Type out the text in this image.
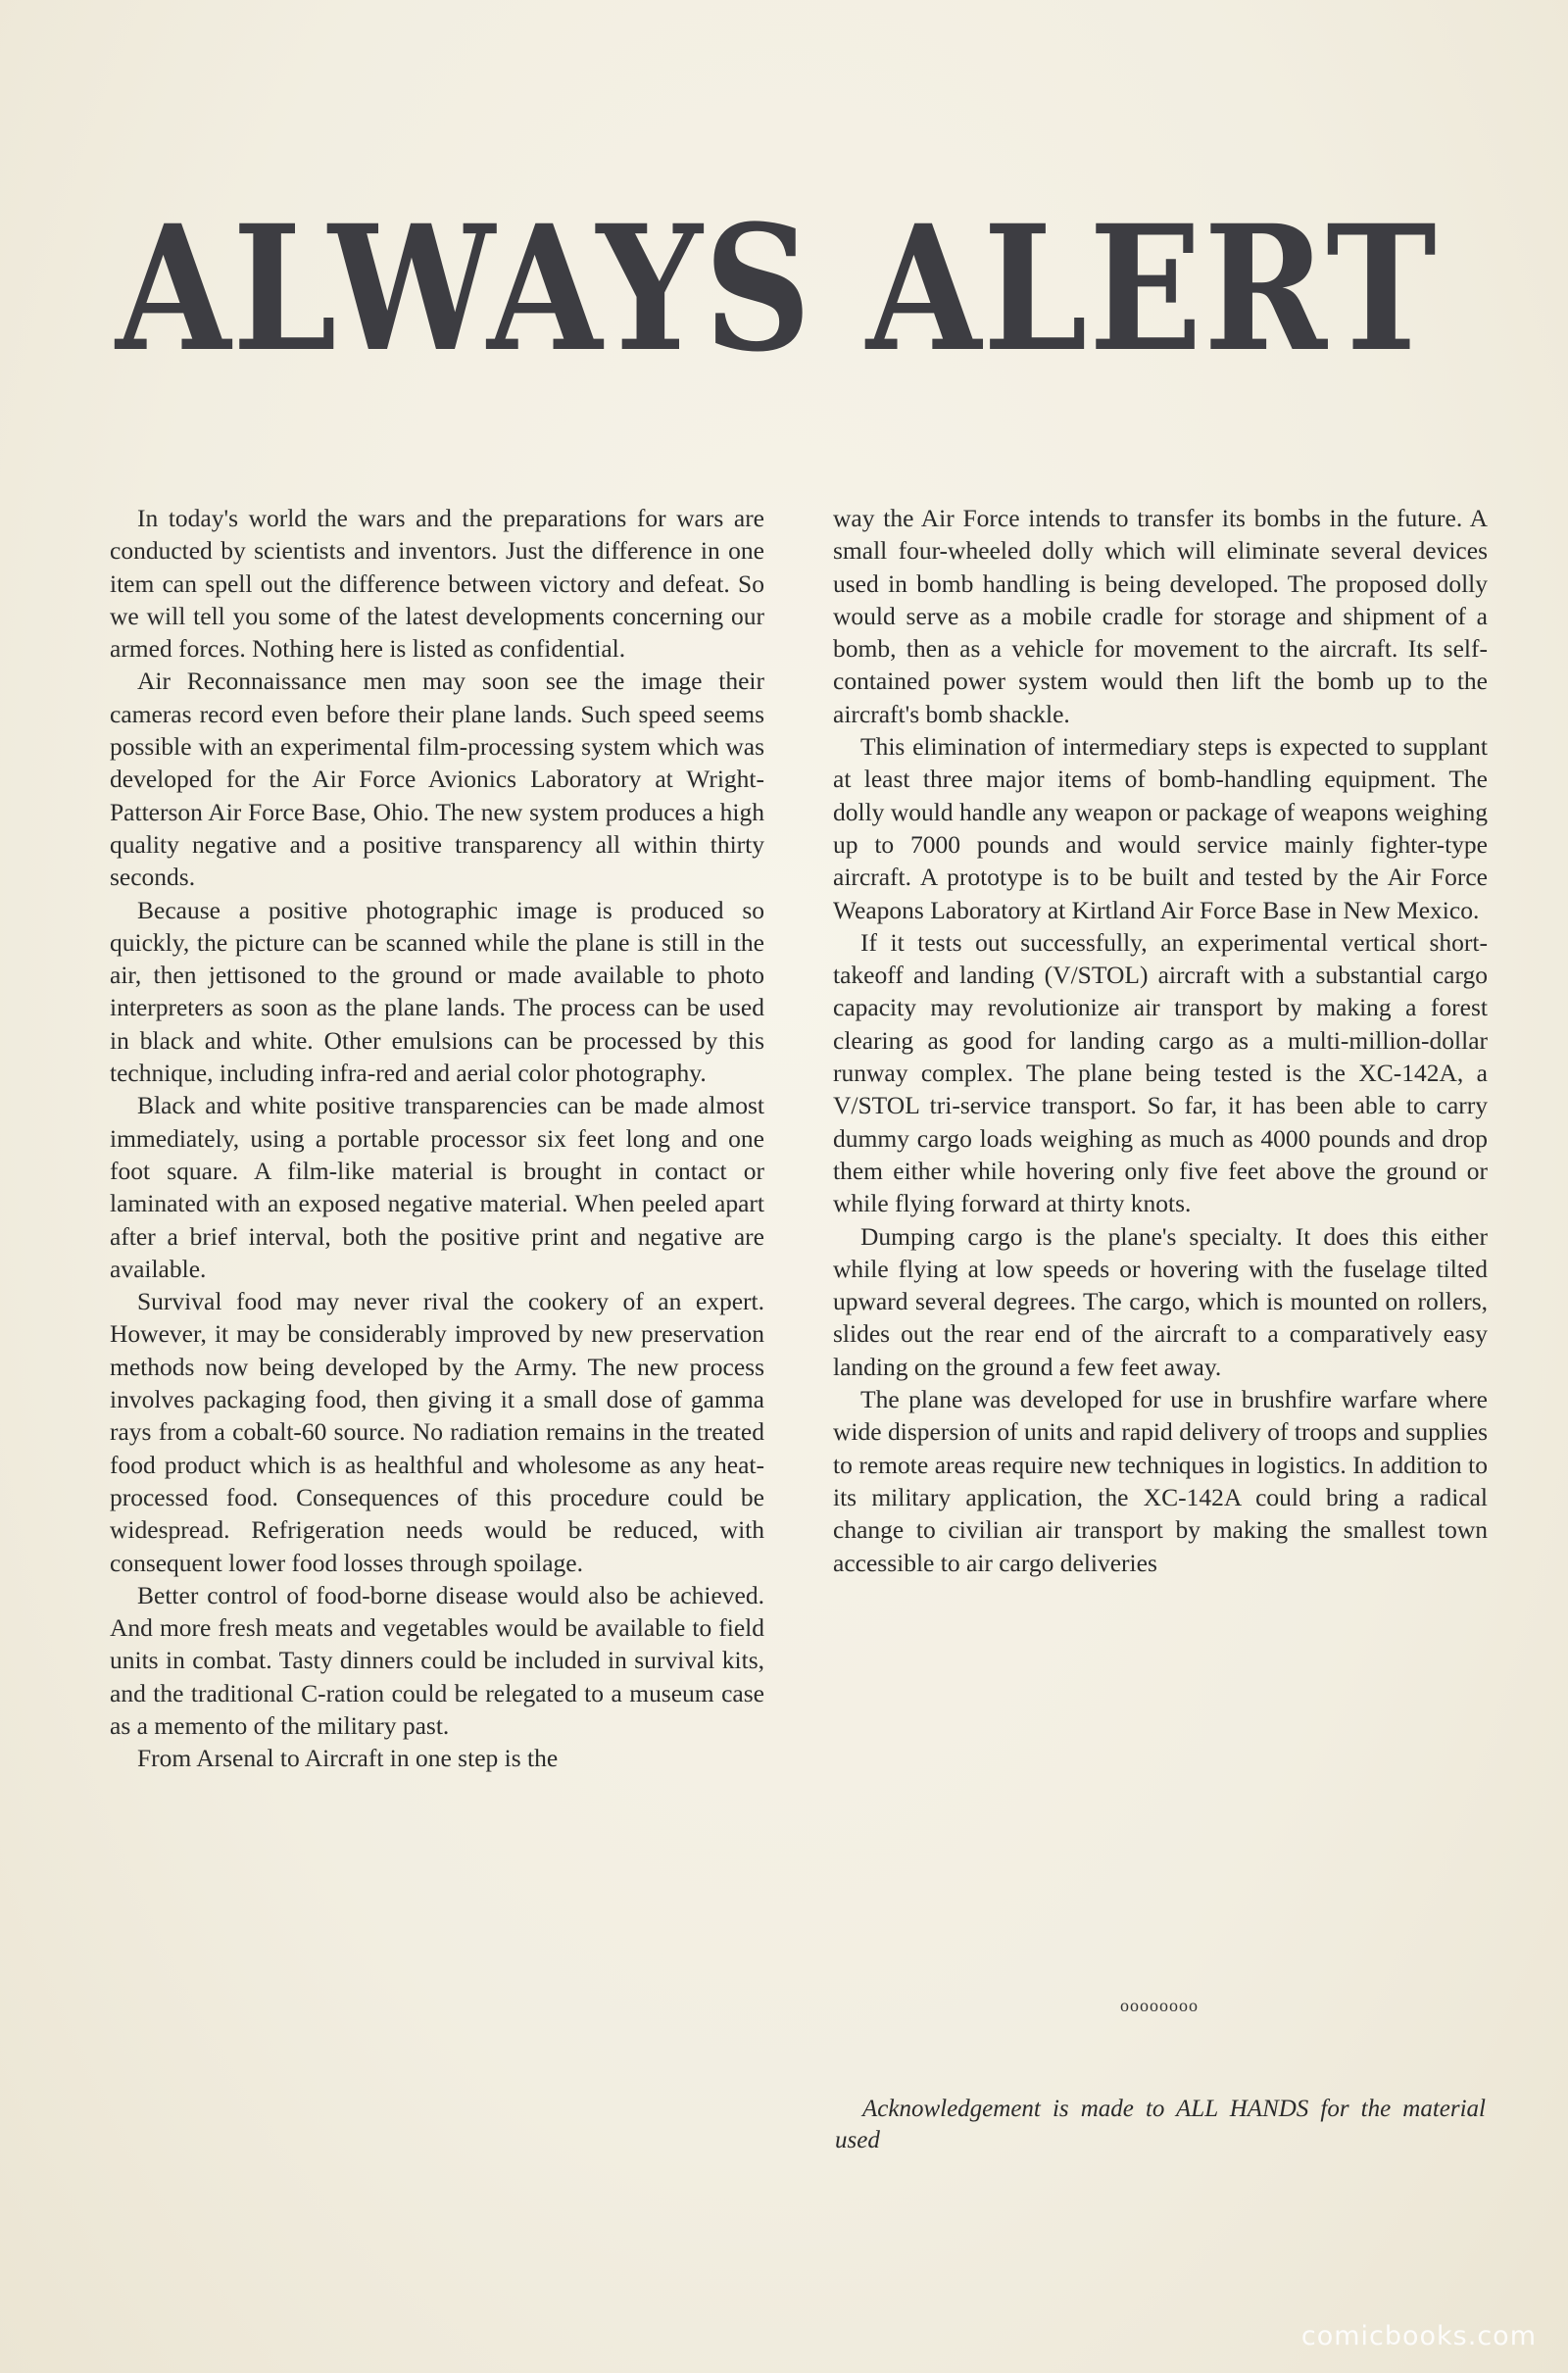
ALWAYS ALERT

In today's world the wars and the preparations for wars are conducted by scientists and inventors. Just the difference in one item can spell out the difference between victory and defeat. So we will tell you some of the latest developments concerning our armed forces. Nothing here is listed as confidential.

Air Reconnaissance men may soon see the image their cameras record even before their plane lands. Such speed seems possible with an experimental film-processing system which was developed for the Air Force Avionics Laboratory at Wright-Patterson Air Force Base, Ohio. The new system produces a high quality negative and a positive transparency all within thirty seconds.

Because a positive photographic image is produced so quickly, the picture can be scanned while the plane is still in the air, then jettisoned to the ground or made available to photo interpreters as soon as the plane lands. The process can be used in black and white. Other emulsions can be processed by this technique, including infra-red and aerial color photography.

Black and white positive transparencies can be made almost immediately, using a portable processor six feet long and one foot square. A film-like material is brought in contact or laminated with an exposed negative material. When peeled apart after a brief interval, both the positive print and negative are available.

Survival food may never rival the cookery of an expert. However, it may be considerably improved by new preservation methods now being developed by the Army. The new process involves packaging food, then giving it a small dose of gamma rays from a cobalt-60 source. No radiation remains in the treated food product which is as healthful and wholesome as any heat-processed food. Consequences of this procedure could be widespread. Refrigeration needs would be reduced, with consequent lower food losses through spoilage.

Better control of food-borne disease would also be achieved. And more fresh meats and vegetables would be available to field units in combat. Tasty dinners could be included in survival kits, and the traditional C-ration could be relegated to a museum case as a memento of the military past.

From Arsenal to Aircraft in one step is the

way the Air Force intends to transfer its bombs in the future. A small four-wheeled dolly which will eliminate several devices used in bomb handling is being developed. The proposed dolly would serve as a mobile cradle for storage and shipment of a bomb, then as a vehicle for movement to the aircraft. Its self-contained power system would then lift the bomb up to the aircraft's bomb shackle.

This elimination of intermediary steps is expected to supplant at least three major items of bomb-handling equipment. The dolly would handle any weapon or package of weapons weighing up to 7000 pounds and would service mainly fighter-type aircraft. A prototype is to be built and tested by the Air Force Weapons Laboratory at Kirtland Air Force Base in New Mexico.

If it tests out successfully, an experimental vertical short-takeoff and landing (V/STOL) aircraft with a substantial cargo capacity may revolutionize air transport by making a forest clearing as good for landing cargo as a multi-million-dollar runway complex. The plane being tested is the XC-142A, a V/STOL tri-service transport. So far, it has been able to carry dummy cargo loads weighing as much as 4000 pounds and drop them either while hovering only five feet above the ground or while flying forward at thirty knots.

Dumping cargo is the plane's specialty. It does this either while flying at low speeds or hovering with the fuselage tilted upward several degrees. The cargo, which is mounted on rollers, slides out the rear end of the aircraft to a comparatively easy landing on the ground a few feet away.

The plane was developed for use in brushfire warfare where wide dispersion of units and rapid delivery of troops and supplies to remote areas require new techniques in logistics. In addition to its military application, the XC-142A could bring a radical change to civilian air transport by making the smallest town accessible to air cargo deliveries

oooooooo
Acknowledgement is made to ALL HANDS for the material used
comicbooks.com
